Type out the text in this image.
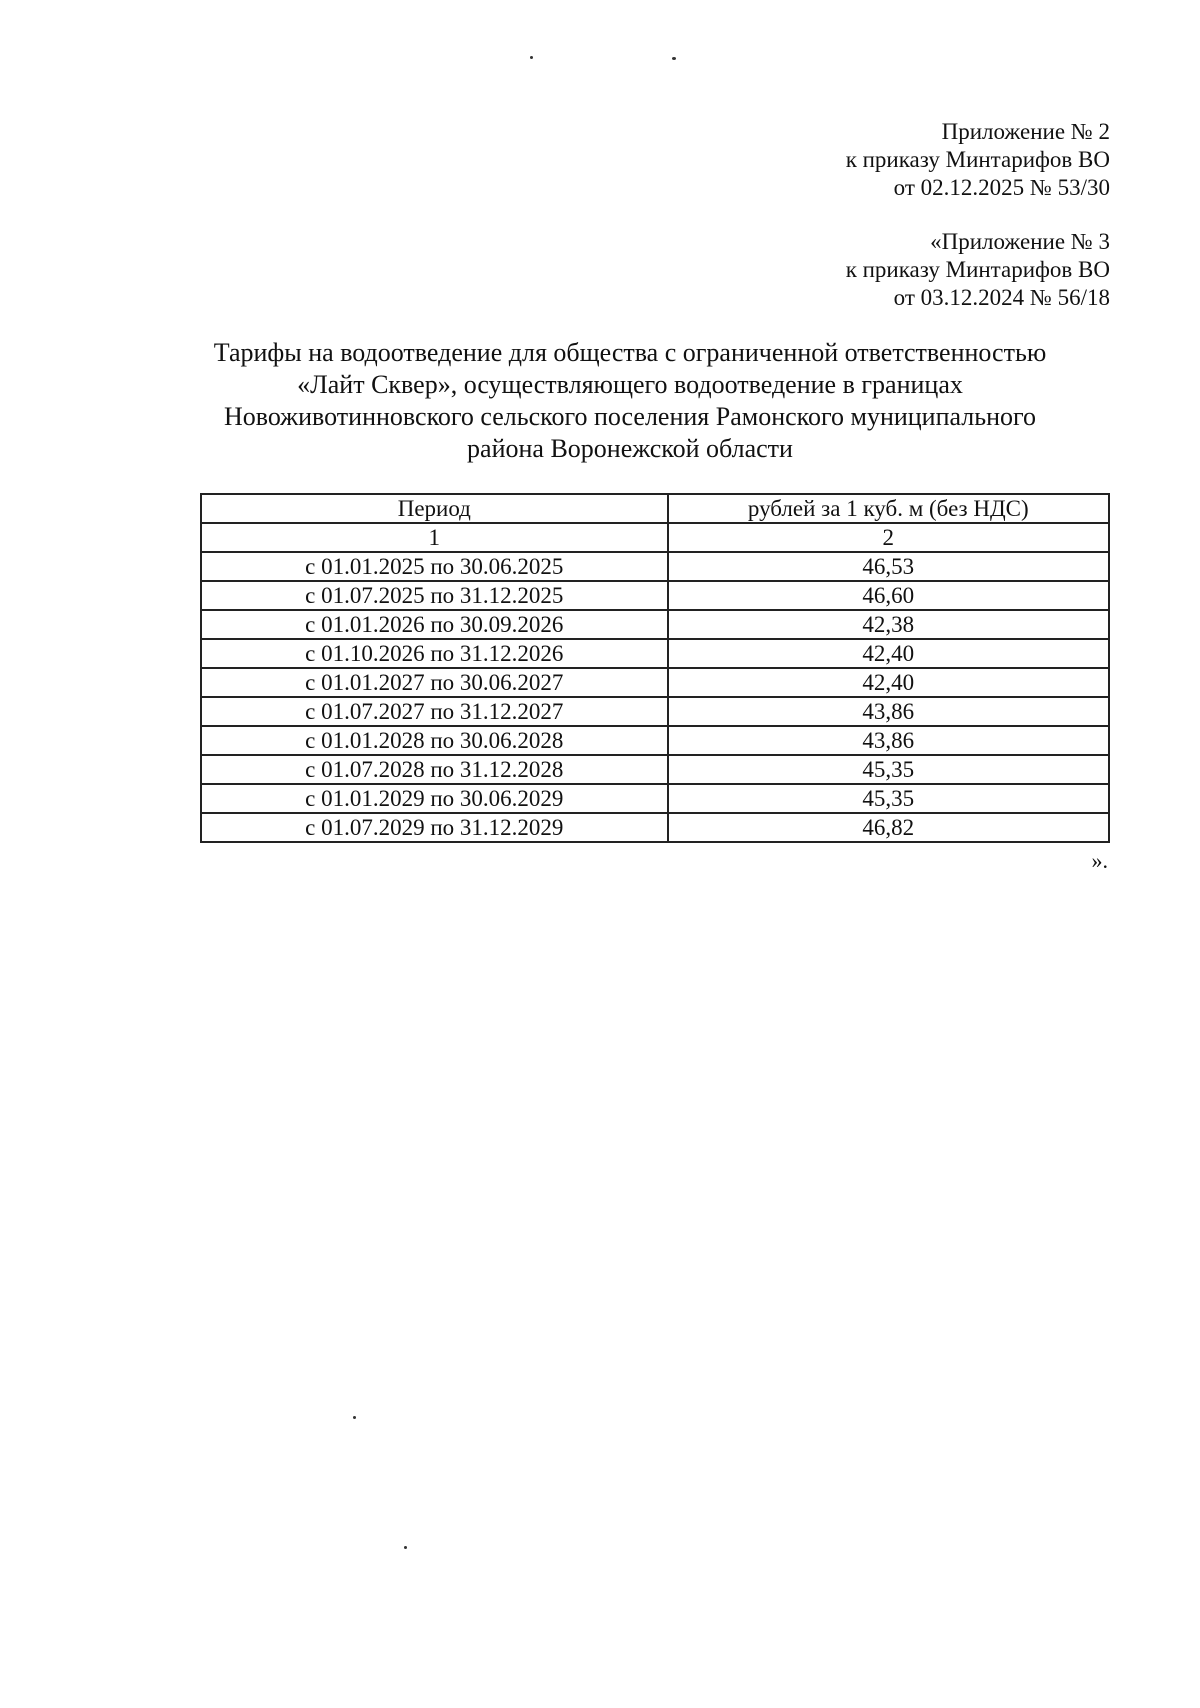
Приложение № 2
к приказу Минтарифов ВО
от 02.12.2025 № 53/30
«Приложение № 3
к приказу Минтарифов ВО
от 03.12.2024 № 56/18
Тарифы на водоотведение для общества с ограниченной ответственностью
«Лайт Сквер», осуществляющего водоотведение в границах
Новоживотинновского сельского поселения Рамонского муниципального
района Воронежской области
Период	рублей за 1 куб. м (без НДС)
1	2
с 01.01.2025 по 30.06.2025	46,53
с 01.07.2025 по 31.12.2025	46,60
с 01.01.2026 по 30.09.2026	42,38
с 01.10.2026 по 31.12.2026	42,40
с 01.01.2027 по 30.06.2027	42,40
с 01.07.2027 по 31.12.2027	43,86
с 01.01.2028 по 30.06.2028	43,86
с 01.07.2028 по 31.12.2028	45,35
с 01.01.2029 по 30.06.2029	45,35
с 01.07.2029 по 31.12.2029	46,82
».
